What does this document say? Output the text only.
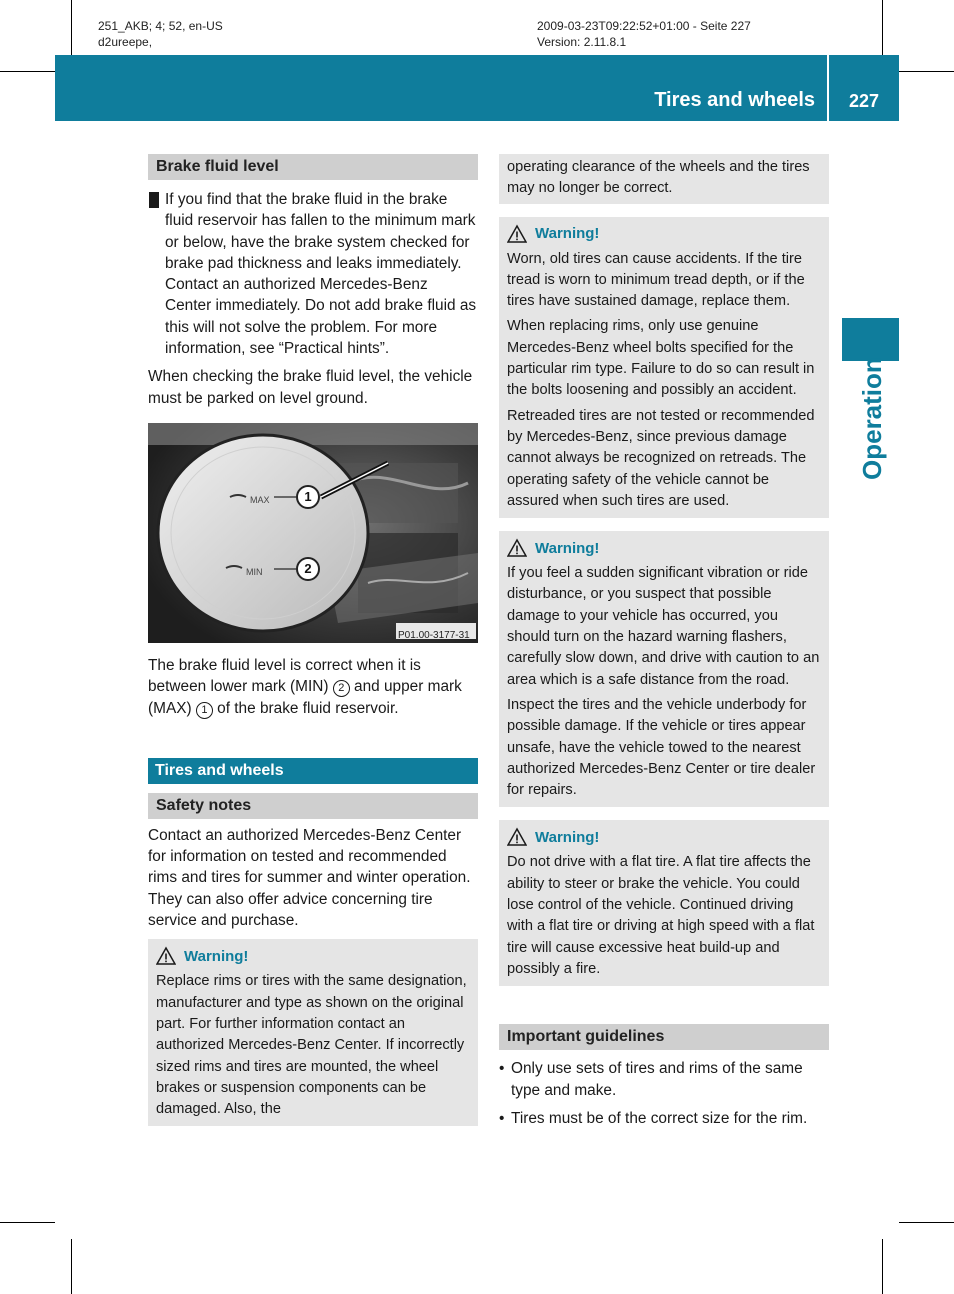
251_AKB; 4; 52, en-US
d2ureepe,
2009-03-23T09:22:52+01:00 - Seite 227
Version: 2.11.8.1
Tires and wheels	227
Operation
Brake fluid level

If you find that the brake fluid in the brake fluid reservoir has fallen to the minimum mark or below, have the brake system checked for brake pad thickness and leaks immediately. Contact an authorized Mercedes-Benz Center immediately. Do not add brake fluid as this will not solve the problem. For more information, see “Practical hints”.

When checking the brake fluid level, the vehicle must be parked on level ground.

MAX
MIN
1
2
P01.00-3177-31

The brake fluid level is correct when it is between lower mark (MIN) 2 and upper mark (MAX) 1 of the brake fluid reservoir.

Tires and wheels
Safety notes

Contact an authorized Mercedes-Benz Center for information on tested and recommended rims and tires for summer and winter operation. They can also offer advice concerning tire service and purchase.

Warning!

Replace rims or tires with the same designation, manufacturer and type as shown on the original part. For further information contact an authorized Mercedes-Benz Center. If incorrectly sized rims and tires are mounted, the wheel brakes or suspension components can be damaged. Also, the

operating clearance of the wheels and the tires may no longer be correct.

Warning!

Worn, old tires can cause accidents. If the tire tread is worn to minimum tread depth, or if the tires have sustained damage, replace them.

When replacing rims, only use genuine Mercedes-Benz wheel bolts specified for the particular rim type. Failure to do so can result in the bolts loosening and possibly an accident.

Retreaded tires are not tested or recommended by Mercedes-Benz, since previous damage cannot always be recognized on retreads. The operating safety of the vehicle cannot be assured when such tires are used.

Warning!

If you feel a sudden significant vibration or ride disturbance, or you suspect that possible damage to your vehicle has occurred, you should turn on the hazard warning flashers, carefully slow down, and drive with caution to an area which is a safe distance from the road.

Inspect the tires and the vehicle underbody for possible damage. If the vehicle or tires appear unsafe, have the vehicle towed to the nearest authorized Mercedes-Benz Center or tire dealer for repairs.

Warning!

Do not drive with a flat tire. A flat tire affects the ability to steer or brake the vehicle. You could lose control of the vehicle. Continued driving with a flat tire or driving at high speed with a flat tire will cause excessive heat build-up and possibly a fire.

Important guidelines
• Only use sets of tires and rims of the same type and make.
• Tires must be of the correct size for the rim.
